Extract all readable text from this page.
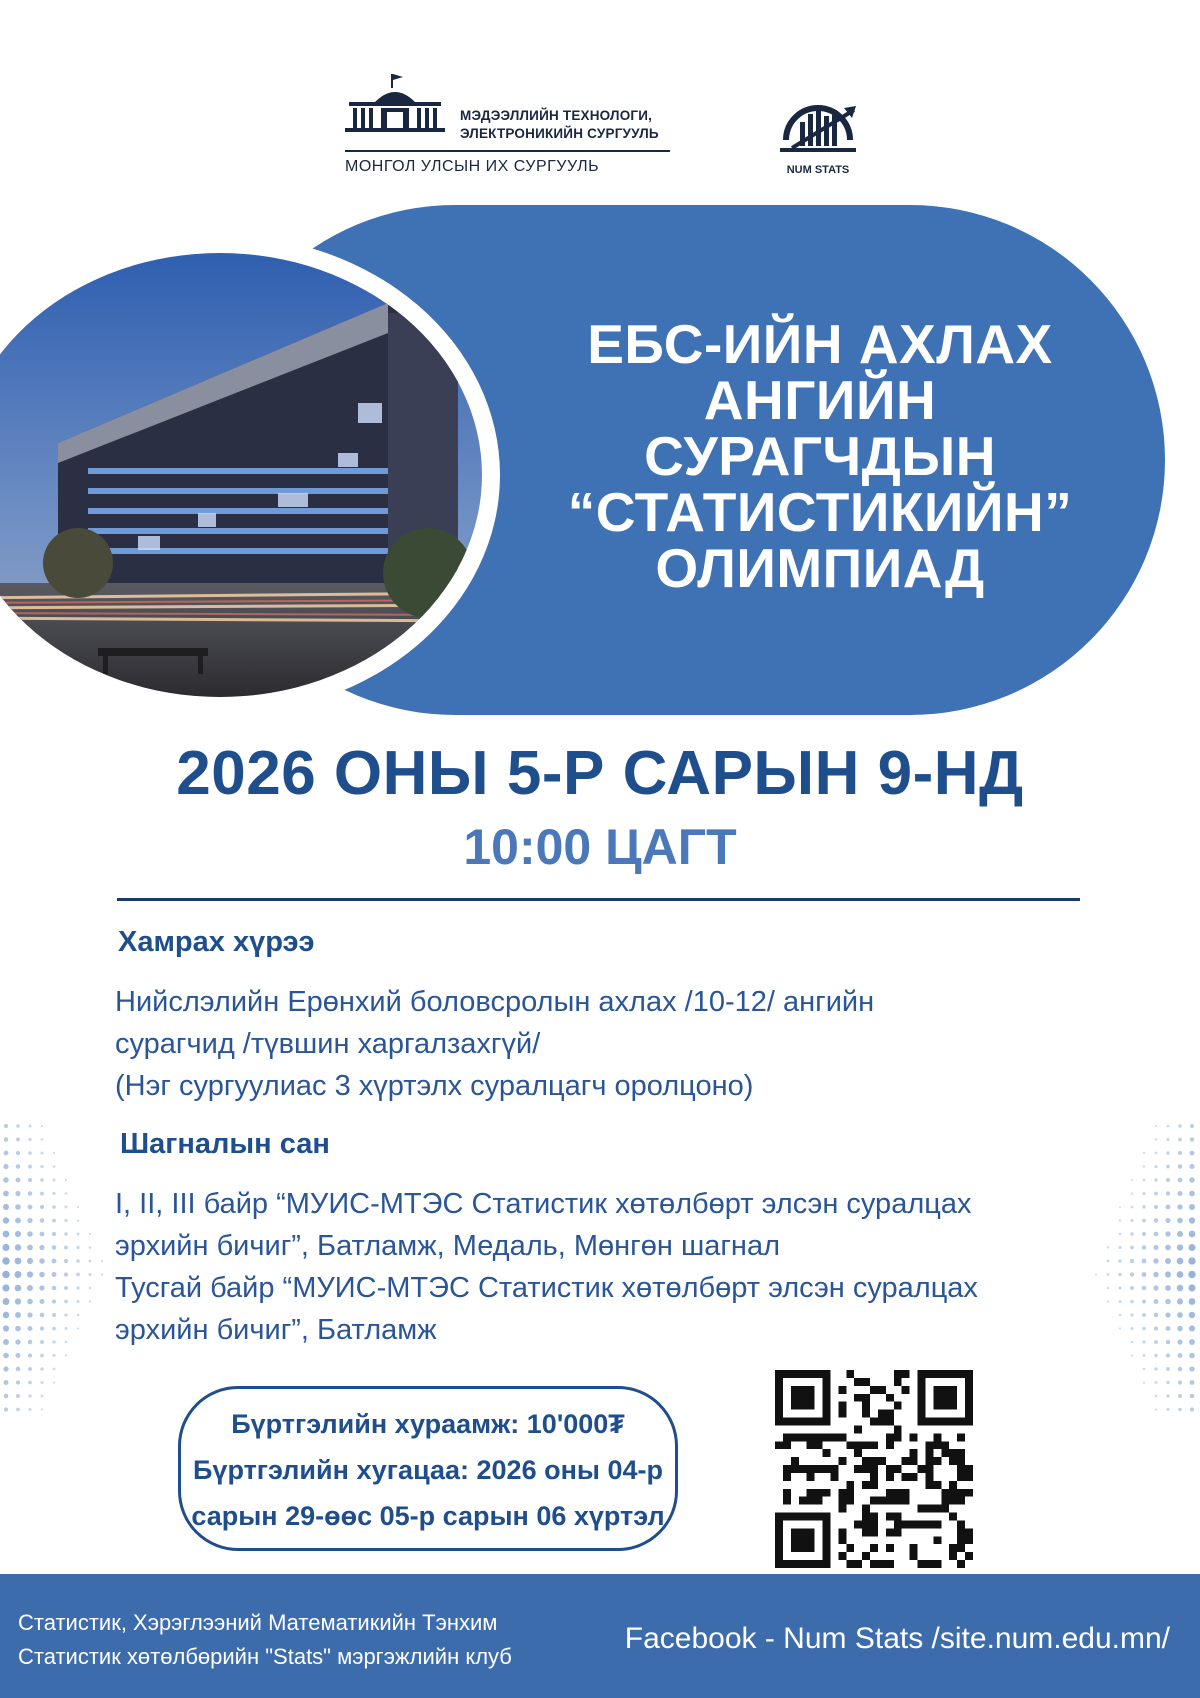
МЭДЭЭЛЛИЙН ТЕХНОЛОГИ,
ЭЛЕКТРОНИКИЙН СУРГУУЛЬ
МОНГОЛ УЛСЫН ИХ СУРГУУЛЬ	NUM STATS
ЕБС-ИЙН АХЛАХ
АНГИЙН
СУРАГЧДЫН
“СТАТИСТИКИЙН”
ОЛИМПИАД
2026 ОНЫ 5-Р САРЫН 9-НД
10:00 ЦАГТ
Хамрах хүрээ
Нийслэлийн Ерөнхий боловсролын ахлах /10-12/ ангийн
сурагчид /түвшин харгалзахгүй/
(Нэг сургуулиас 3 хүртэлх суралцагч оролцоно)
Шагналын сан
I, II, III байр “МУИС-МТЭС Статистик хөтөлбөрт элсэн суралцах
эрхийн бичиг”, Батламж, Медаль, Мөнгөн шагнал
Тусгай байр “МУИС-МТЭС Статистик хөтөлбөрт элсэн суралцах
эрхийн бичиг”, Батламж
Бүртгэлийн хураамж: 10'000₮
Бүртгэлийн хугацаа: 2026 оны 04-р
сарын 29-өөс 05-р сарын 06 хүртэл
Статистик, Хэрэглээний Математикийн Тэнхим
Статистик хөтөлбөрийн "Stats" мэргэжлийн клуб
Facebook - Num Stats /site.num.edu.mn/
